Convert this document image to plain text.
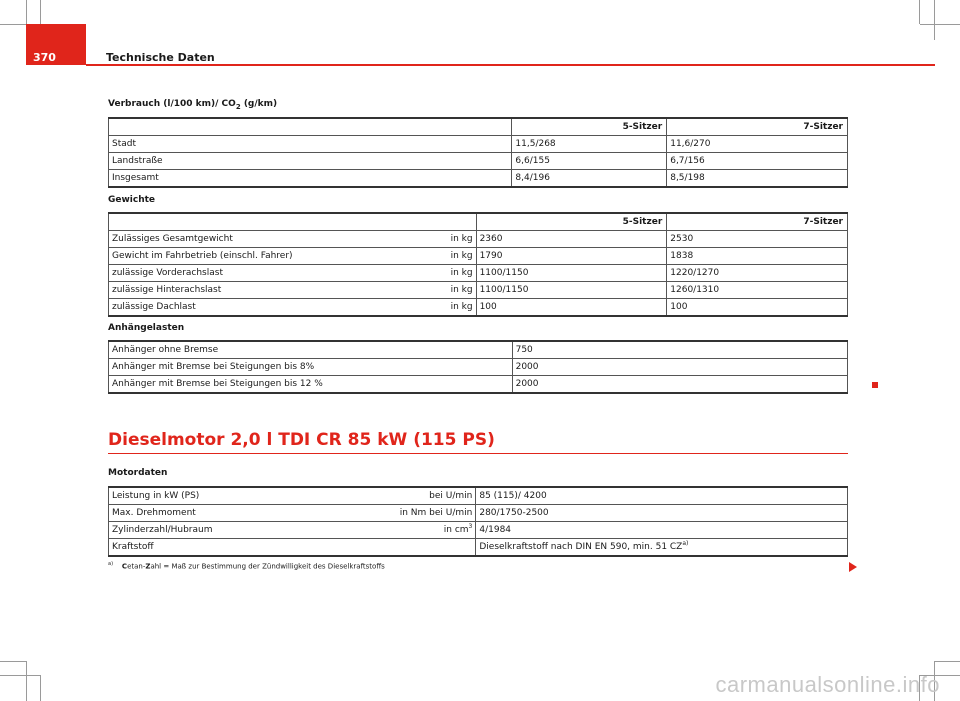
370	Technische Daten
Verbrauch (l/100 km)/ $CO_2$ (g/km)
	5-Sitzer	7-Sitzer
Stadt	11,5/268	11,6/270
Landstraße	6,6/155	6,7/156
Insgesamt	8,4/196	8,5/198
Gewichte
	5-Sitzer	7-Sitzer
Zulässiges Gesamtgewicht in kg	2360	2530
Gewicht im Fahrbetrieb (einschl. Fahrer) in kg	1790	1838
zulässige Vorderachslast in kg	1100/1150	1220/1270
zulässige Hinterachslast in kg	1100/1150	1260/1310
zulässige Dachlast in kg	100	100
Anhängelasten
Anhänger ohne Bremse	750
Anhänger mit Bremse bei Steigungen bis 8%	2000
Anhänger mit Bremse bei Steigungen bis 12 %	2000
Dieselmotor 2,0 l TDI CR 85 kW (115 PS)
Motordaten
Leistung in kW (PS) bei U/min	85 (115)/ 4200
Max. Drehmoment in Nm bei U/min	280/1750-2500
Zylinderzahl/Hubraum in $cm^3$	4/1984
Kraftstoff	Dieselkraftstoff nach DIN EN 590, min. 51 CZ$^{a)}$
$^{a)}$ Cetan-Zahl = Maß zur Bestimmung der Zündwilligkeit des Dieselkraftstoffs
carmanualsonline.info
